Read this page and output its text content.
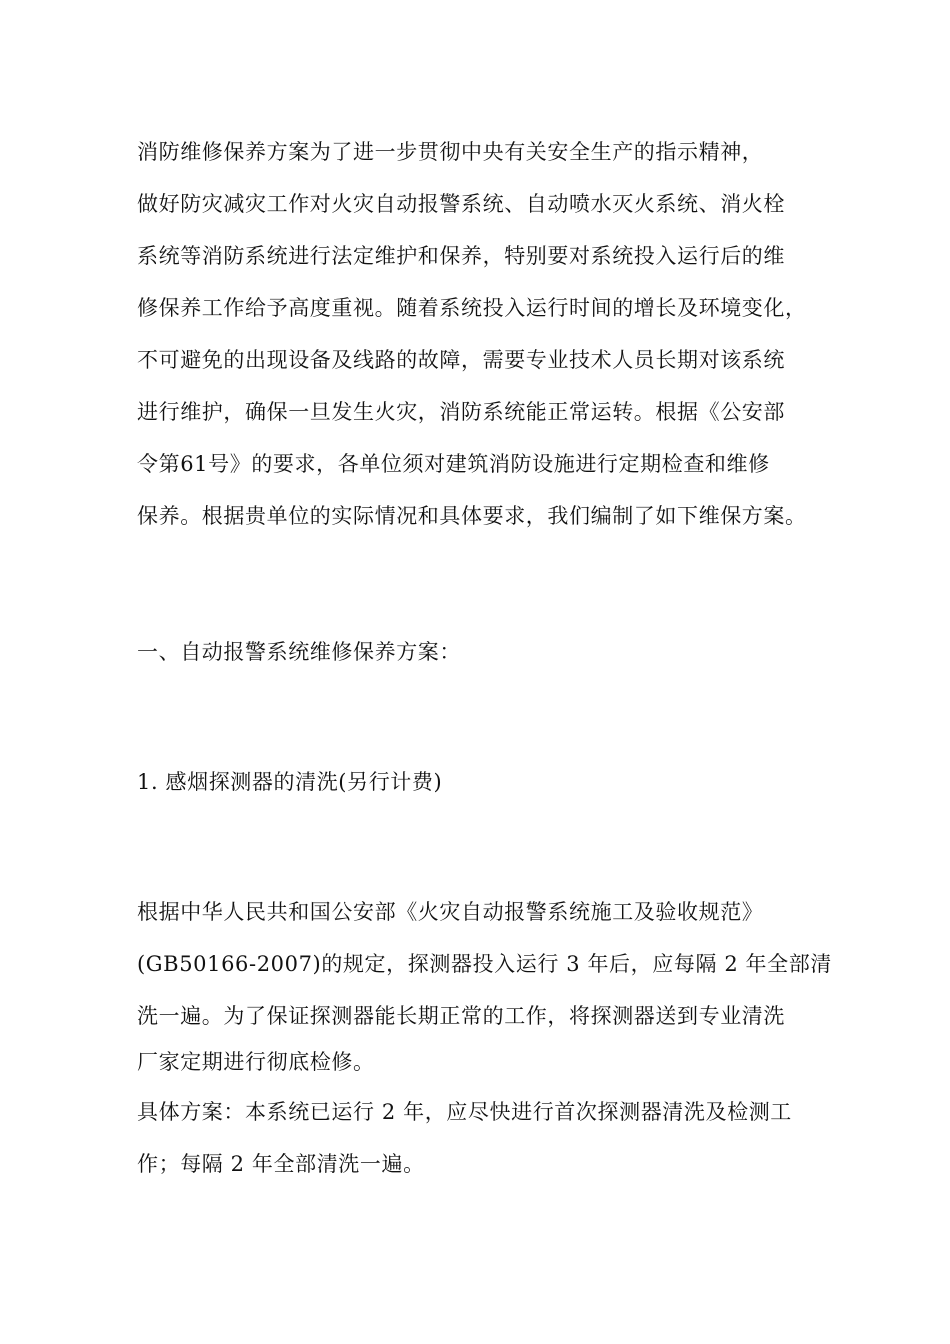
消防维修保养方案为了进一步贯彻中央有关安全生产的指示精神，
做好防灾减灾工作对火灾自动报警系统、自动喷水灭火系统、消火栓
系统等消防系统进行法定维护和保养，特别要对系统投入运行后的维
修保养工作给予高度重视。随着系统投入运行时间的增长及环境变化，
不可避免的出现设备及线路的故障，需要专业技术人员长期对该系统
进行维护，确保一旦发生火灾，消防系统能正常运转。根据《公安部
令第61号》的要求，各单位须对建筑消防设施进行定期检查和维修
保养。根据贵单位的实际情况和具体要求，我们编制了如下维保方案。
一、自动报警系统维修保养方案：
1. 感烟探测器的清洗(另行计费)
根据中华人民共和国公安部《火灾自动报警系统施工及验收规范》
(GB50166-2007)的规定，探测器投入运行 3 年后，应每隔 2 年全部清
洗一遍。为了保证探测器能长期正常的工作，将探测器送到专业清洗
厂家定期进行彻底检修。
具体方案：本系统已运行 2 年，应尽快进行首次探测器清洗及检测工
作；每隔 2 年全部清洗一遍。
